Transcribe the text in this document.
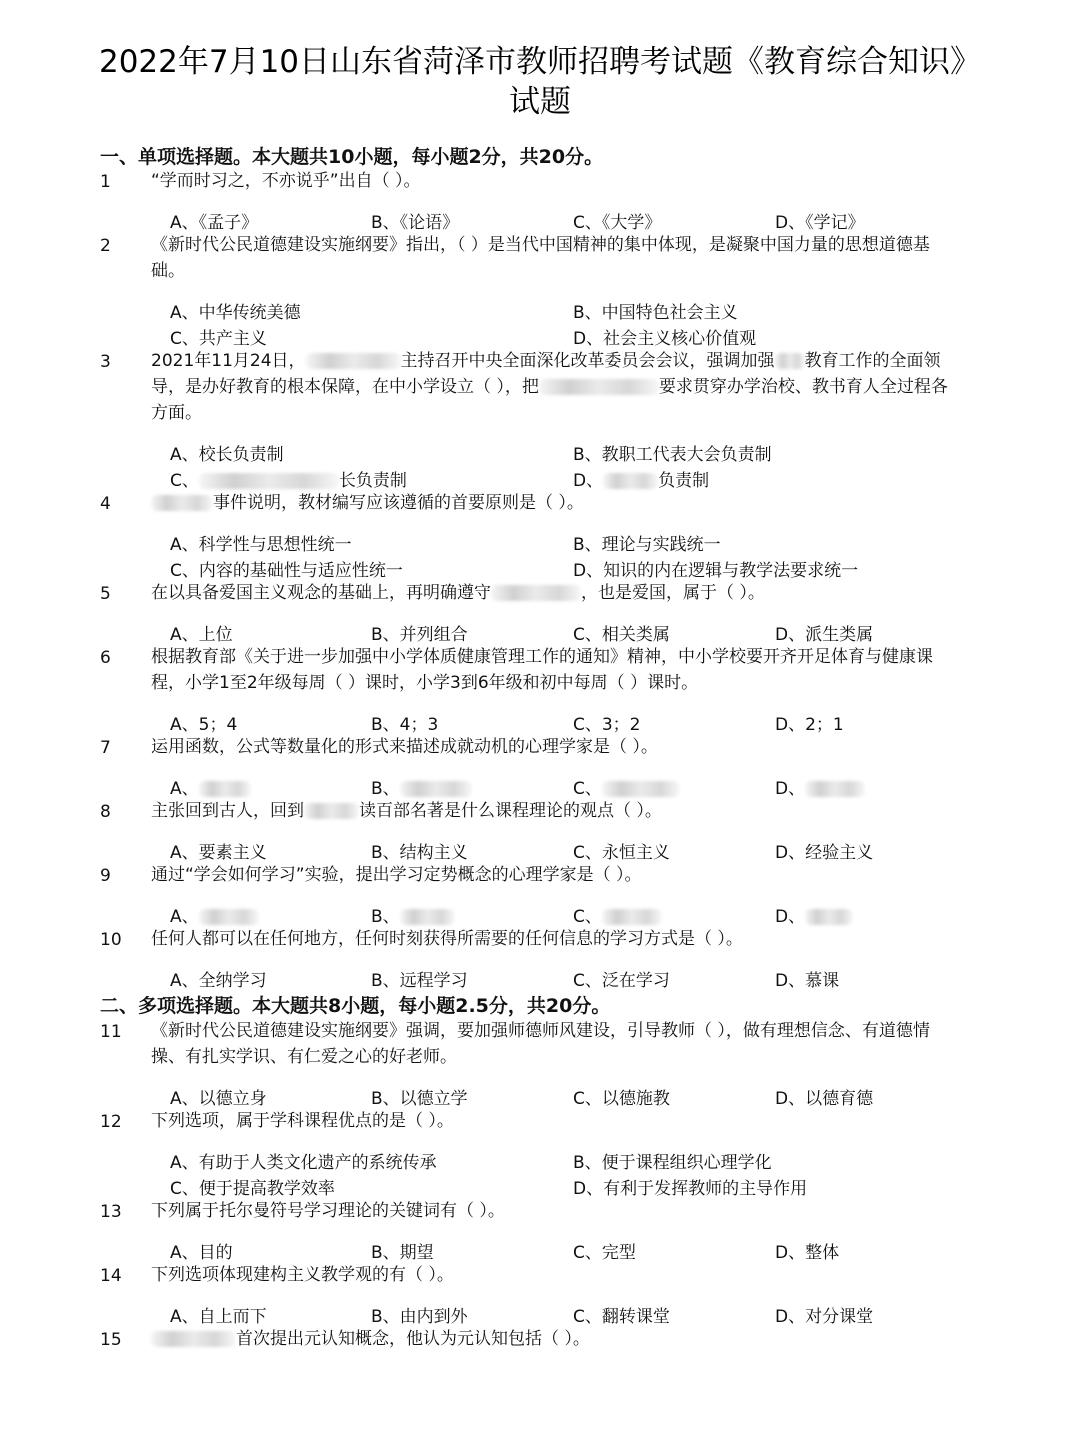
2022年7月10日山东省菏泽市教师招聘考试题《教育综合知识》
试题
一、单项选择题。本大题共10小题，每小题2分，共20分。
1 “学而时习之，不亦说乎”出自（ ）。
A、《孟子》	B、《论语》	C、《大学》	D、《学记》
2 《新时代公民道德建设实施纲要》指出，（ ）是当代中国精神的集中体现，是凝聚中国力量的思想道德基础。
A、中华传统美德	B、中国特色社会主义
C、共产主义	D、社会主义核心价值观
3 2021年11月24日，	主持召开中央全面深化改革委员会会议，强调加强 教育工作的全面领导，是办好教育的根本保障，在中小学设立（ ），把	要求贯穿办学治校、教书育人全过程各方面。
A、校长负责制	B、教职工代表大会负责制
C、	长负责制	D、	负责制
4	事件说明，教材编写应该遵循的首要原则是（ ）。
A、科学性与思想性统一	B、理论与实践统一
C、内容的基础性与适应性统一	D、知识的内在逻辑与教学法要求统一
5 在以具备爱国主义观念的基础上，再明确遵守	，也是爱国，属于（ ）。
A、上位	B、并列组合	C、相关类属	D、派生类属
6 根据教育部《关于进一步加强中小学体质健康管理工作的通知》精神，中小学校要开齐开足体育与健康课程，小学1至2年级每周（ ）课时，小学3到6年级和初中每周（ ）课时。
A、5；4	B、4；3	C、3；2	D、2；1
7 运用函数，公式等数量化的形式来描述成就动机的心理学家是（ ）。
A、	B、	C、	D、
8 主张回到古人，回到	读百部名著是什么课程理论的观点（ ）。
A、要素主义	B、结构主义	C、永恒主义	D、经验主义
9 通过“学会如何学习”实验，提出学习定势概念的心理学家是（ ）。
A、	B、	C、	D、
10 任何人都可以在任何地方，任何时刻获得所需要的任何信息的学习方式是（ ）。
A、全纳学习	B、远程学习	C、泛在学习	D、慕课
二、多项选择题。本大题共8小题，每小题2.5分，共20分。
11 《新时代公民道德建设实施纲要》强调，要加强师德师风建设，引导教师（ ），做有理想信念、有道德情操、有扎实学识、有仁爱之心的好老师。
A、以德立身	B、以德立学	C、以德施教	D、以德育德
12 下列选项，属于学科课程优点的是（ ）。
A、有助于人类文化遗产的系统传承	B、便于课程组织心理学化
C、便于提高教学效率	D、有利于发挥教师的主导作用
13 下列属于托尔曼符号学习理论的关键词有（ ）。
A、目的	B、期望	C、完型	D、整体
14 下列选项体现建构主义教学观的有（ ）。
A、自上而下	B、由内到外	C、翻转课堂	D、对分课堂
15	首次提出元认知概念，他认为元认知包括（ ）。
